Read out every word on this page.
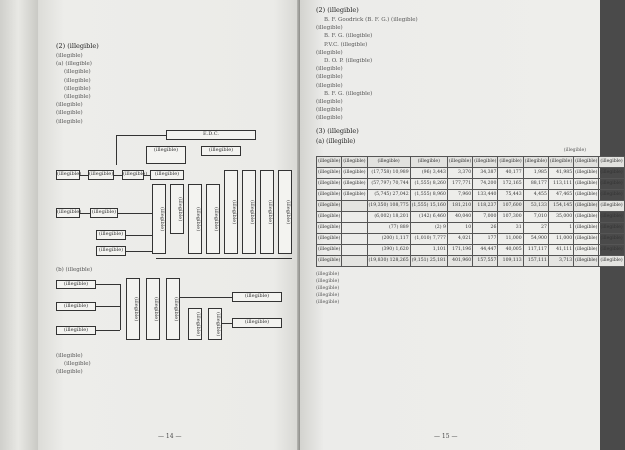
(2) (illegible)

(illegible)

(a) (illegible)

(illegible)

(illegible)

(illegible)

(illegible)

(illegible)

(illegible)

(illegible)

E.D.C.
(illegible)	(illegible)
(illegible) (illegible) (illegible)	(illegible)
(illegible)	(illegible)	(illegible)	(illegible)	(illegible)	(illegible)	(illegible)	(illegible)	(illegible)	(illegible)
(illegible)
(illegible)

(b) (illegible)

(illegible)
(illegible)
(illegible)
(illegible)	(illegible)	(illegible)
(illegible)	(illegible)
(illegible)
(illegible)

(illegible)

(illegible)

(illegible)

— 14 —

(2) (illegible)

B. F. Goodrick (B. F. G.) (illegible)

(illegible)

B. F. G. (illegible)

P.V.C. (illegible)

(illegible)

D. O. P. (illegible)

(illegible)

(illegible)

(illegible)

B. F. G. (illegible)

(illegible)

(illegible)

(illegible)

(3) (illegible)

(a) (illegible)

(illegible)
(illegible)	(illegible)	(illegible)	(illegible)	(illegible)	(illegible)	(illegible)	(illegible)	(illegible)	(illegible)	(illegible)
(illegible)	(illegible)	(17,758) 10,989	(96) 3,443	3,370	34,387	40,177	1,985	41,985	(illegible)	(illegible)
(illegible)	(illegible)	(57,797) 70,744	(1,555) 8,260	177,771	74,200	172,165	88,177	113,111	(illegible)	(illegible)
(illegible)	(illegible)	(5,745) 27,042	(1,555) 8,960	7,960	133,440	75,443	4,455	47,465	(illegible)	(illegible)
(illegible)		(19,350) 108,775	(1,555) 15,160	181,210	118,237	107,600	53,133	154,145	(illegible)	(illegible)
(illegible)		(6,002) 18,201	(142) 6,460	40,040	7,000	107,300	7,010	35,000	(illegible)	(illegible)
(illegible)		(77) 889	(2) 9	10	26	31	27	1	(illegible)	(illegible)
(illegible)		(200) 1,117	(1,010) 7,777	4,021	177	11,000	54,900	11,000	(illegible)	(illegible)
(illegible)		(390) 1,620	1,101	171,196	44,447	40,005	117,117	41,111	(illegible)	(illegible)
(illegible)		(19,830) 128,265	(9,151) 25,181	401,960	157,557	109,113	157,111	3,713	(illegible)	(illegible)

(illegible)

(illegible)

(illegible)

(illegible)

(illegible)

— 15 —
